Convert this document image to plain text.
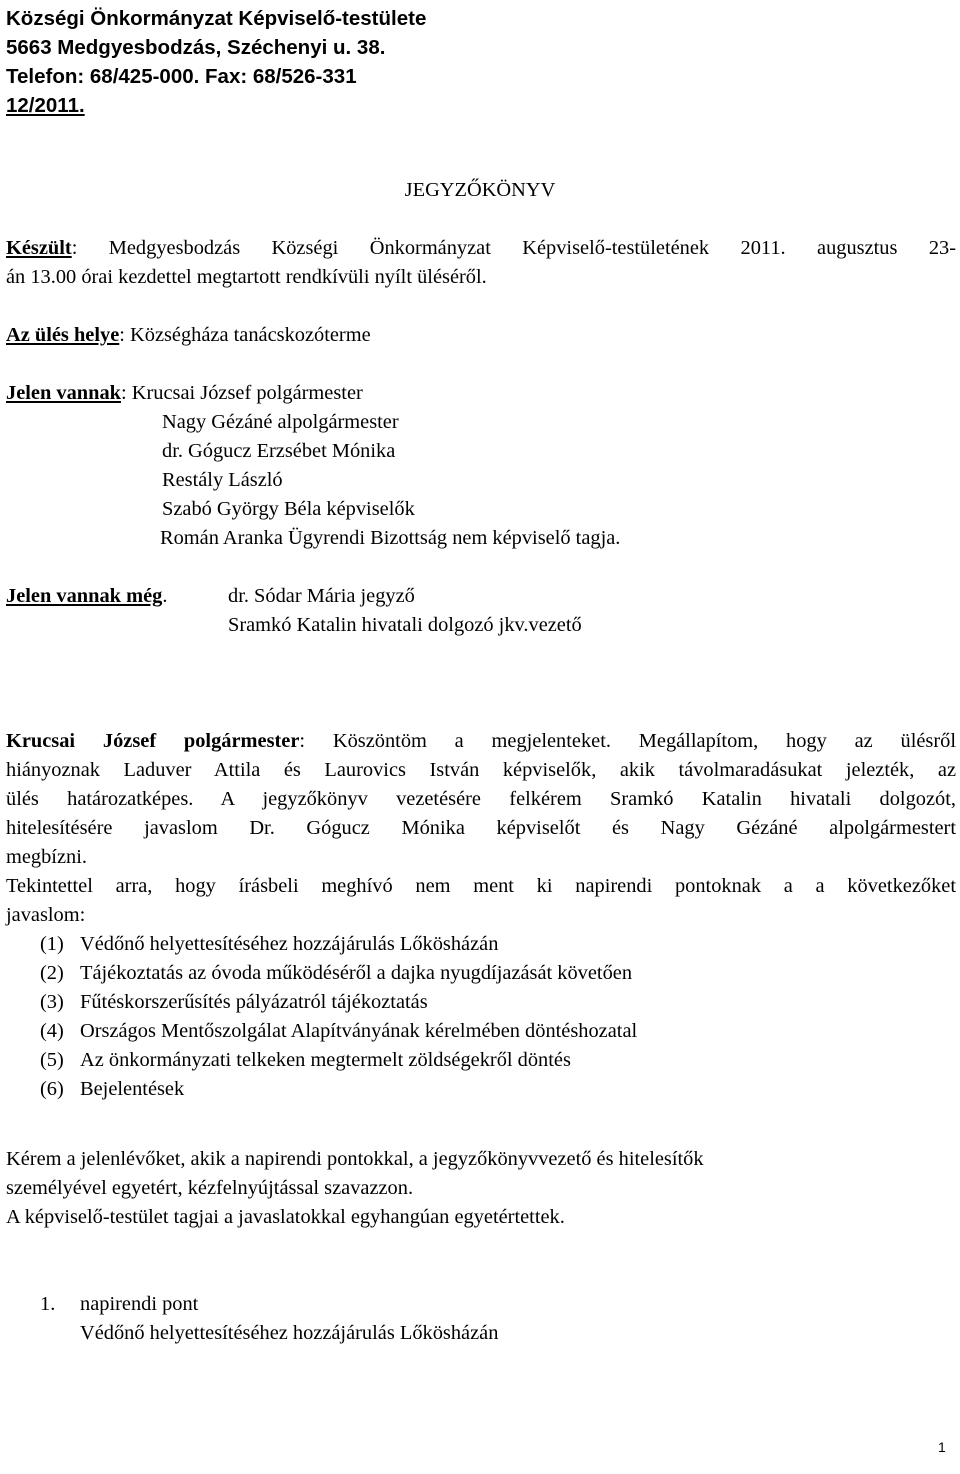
Községi Önkormányzat Képviselő-testülete
5663 Medgyesbodzás, Széchenyi u. 38.
Telefon: 68/425-000. Fax: 68/526-331
12/2011.
JEGYZŐKÖNYV
Készült: Medgyesbodzás Községi Önkormányzat Képviselő-testületének 2011. augusztus 23-
án 13.00 órai kezdettel megtartott rendkívüli nyílt üléséről.
Az ülés helye: Községháza tanácskozóterme
Jelen vannak: Krucsai József polgármester
Nagy Gézáné alpolgármester
dr. Gógucz Erzsébet Mónika
Restály László
Szabó György Béla képviselők
Román Aranka Ügyrendi Bizottság nem képviselő tagja.
Jelen vannak még.	dr. Sódar Mária jegyző
Sramkó Katalin hivatali dolgozó jkv.vezető
Krucsai József polgármester: Köszöntöm a megjelenteket. Megállapítom, hogy az ülésről
hiányoznak Laduver Attila és Laurovics István képviselők, akik távolmaradásukat jelezték, az
ülés határozatképes. A jegyzőkönyv vezetésére felkérem Sramkó Katalin hivatali dolgozót,
hitelesítésére javaslom Dr. Gógucz Mónika képviselőt és Nagy Gézáné alpolgármestert
megbízni.
Tekintettel arra, hogy írásbeli meghívó nem ment ki napirendi pontoknak a a következőket
javaslom:
(1) Védőnő helyettesítéséhez hozzájárulás Lőkösházán
(2) Tájékoztatás az óvoda működéséről a dajka nyugdíjazását követően
(3) Fűtéskorszerűsítés pályázatról tájékoztatás
(4) Országos Mentőszolgálat Alapítványának kérelmében döntéshozatal
(5) Az önkormányzati telkeken megtermelt zöldségekről döntés
(6) Bejelentések
Kérem a jelenlévőket, akik a napirendi pontokkal, a jegyzőkönyvvezető és hitelesítők
személyével egyetért, kézfelnyújtással szavazzon.
A képviselő-testület tagjai a javaslatokkal egyhangúan egyetértettek.
1. napirendi pont
Védőnő helyettesítéséhez hozzájárulás Lőkösházán
1
